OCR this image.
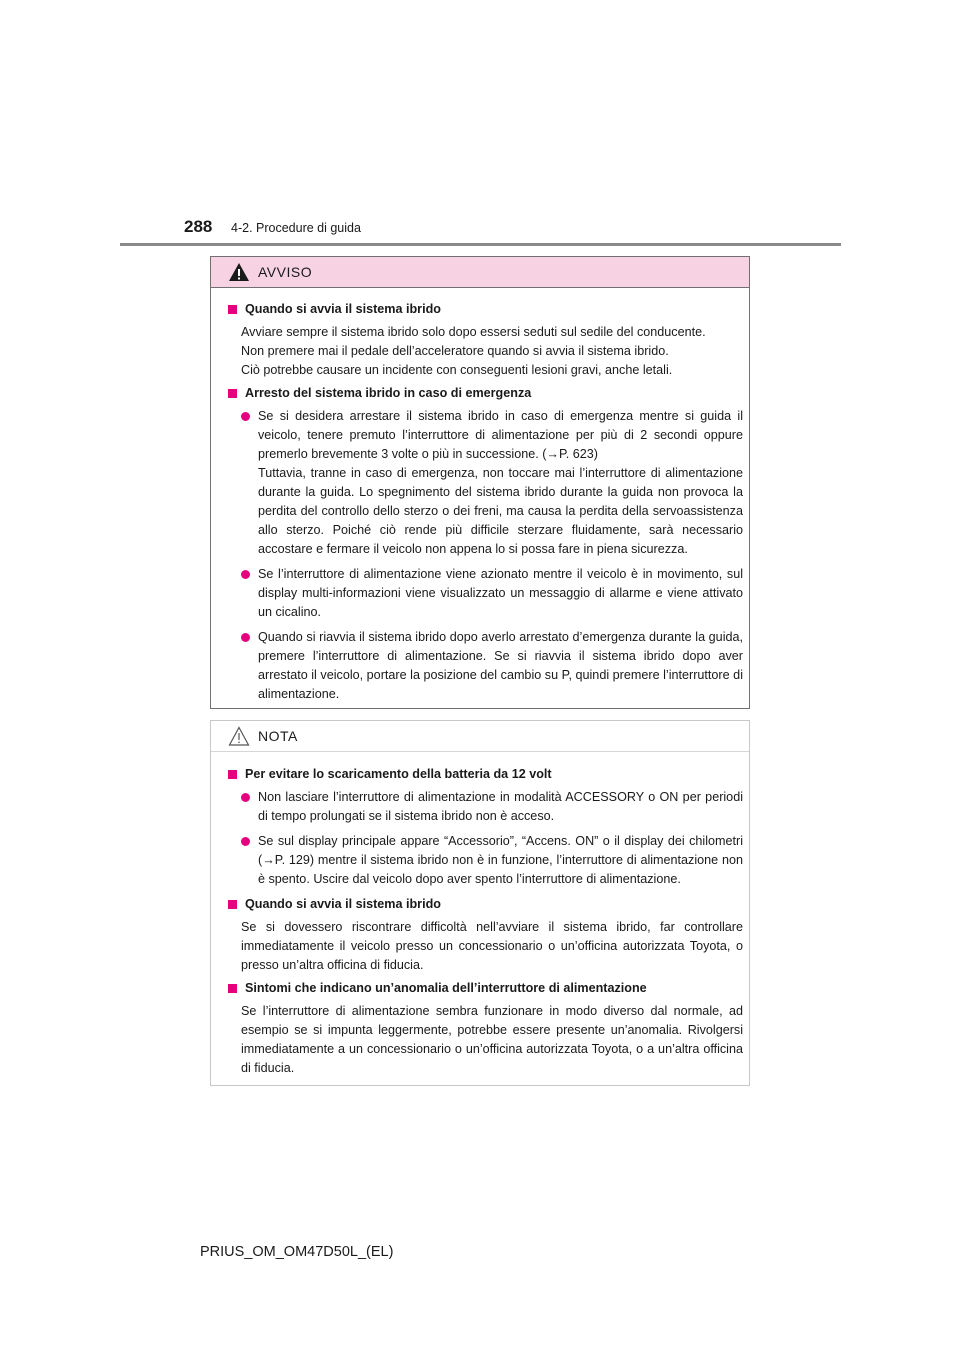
288 4-2. Procedure di guida
AVVISO
Quando si avvia il sistema ibrido
Avviare sempre il sistema ibrido solo dopo essersi seduti sul sedile del conducente.
Non premere mai il pedale dell’acceleratore quando si avvia il sistema ibrido.
Ciò potrebbe causare un incidente con conseguenti lesioni gravi, anche letali.
Arresto del sistema ibrido in caso di emergenza
Se si desidera arrestare il sistema ibrido in caso di emergenza mentre si guida il veicolo, tenere premuto l’interruttore di alimentazione per più di 2 secondi oppure premerlo brevemente 3 volte o più in successione. (→P. 623)
Tuttavia, tranne in caso di emergenza, non toccare mai l’interruttore di alimentazione durante la guida. Lo spegnimento del sistema ibrido durante la guida non provoca la perdita del controllo dello sterzo o dei freni, ma causa la perdita della servoassistenza allo sterzo. Poiché ciò rende più difficile sterzare fluidamente, sarà necessario accostare e fermare il veicolo non appena lo si possa fare in piena sicurezza.
Se l’interruttore di alimentazione viene azionato mentre il veicolo è in movimento, sul display multi-informazioni viene visualizzato un messaggio di allarme e viene attivato un cicalino.
Quando si riavvia il sistema ibrido dopo averlo arrestato d’emergenza durante la guida, premere l’interruttore di alimentazione. Se si riavvia il sistema ibrido dopo aver arrestato il veicolo, portare la posizione del cambio su P, quindi premere l’interruttore di alimentazione.
NOTA
Per evitare lo scaricamento della batteria da 12 volt
Non lasciare l’interruttore di alimentazione in modalità ACCESSORY o ON per periodi di tempo prolungati se il sistema ibrido non è acceso.
Se sul display principale appare “Accessorio”, “Accens. ON” o il display dei chilometri (→P. 129) mentre il sistema ibrido non è in funzione, l’interruttore di alimentazione non è spento. Uscire dal veicolo dopo aver spento l’interruttore di alimentazione.
Quando si avvia il sistema ibrido
Se si dovessero riscontrare difficoltà nell’avviare il sistema ibrido, far controllare immediatamente il veicolo presso un concessionario o un’officina autorizzata Toyota, o presso un’altra officina di fiducia.
Sintomi che indicano un’anomalia dell’interruttore di alimentazione
Se l’interruttore di alimentazione sembra funzionare in modo diverso dal normale, ad esempio se si impunta leggermente, potrebbe essere presente un’anomalia. Rivolgersi immediatamente a un concessionario o un’officina autorizzata Toyota, o a un’altra officina di fiducia.
PRIUS_OM_OM47D50L_(EL)
